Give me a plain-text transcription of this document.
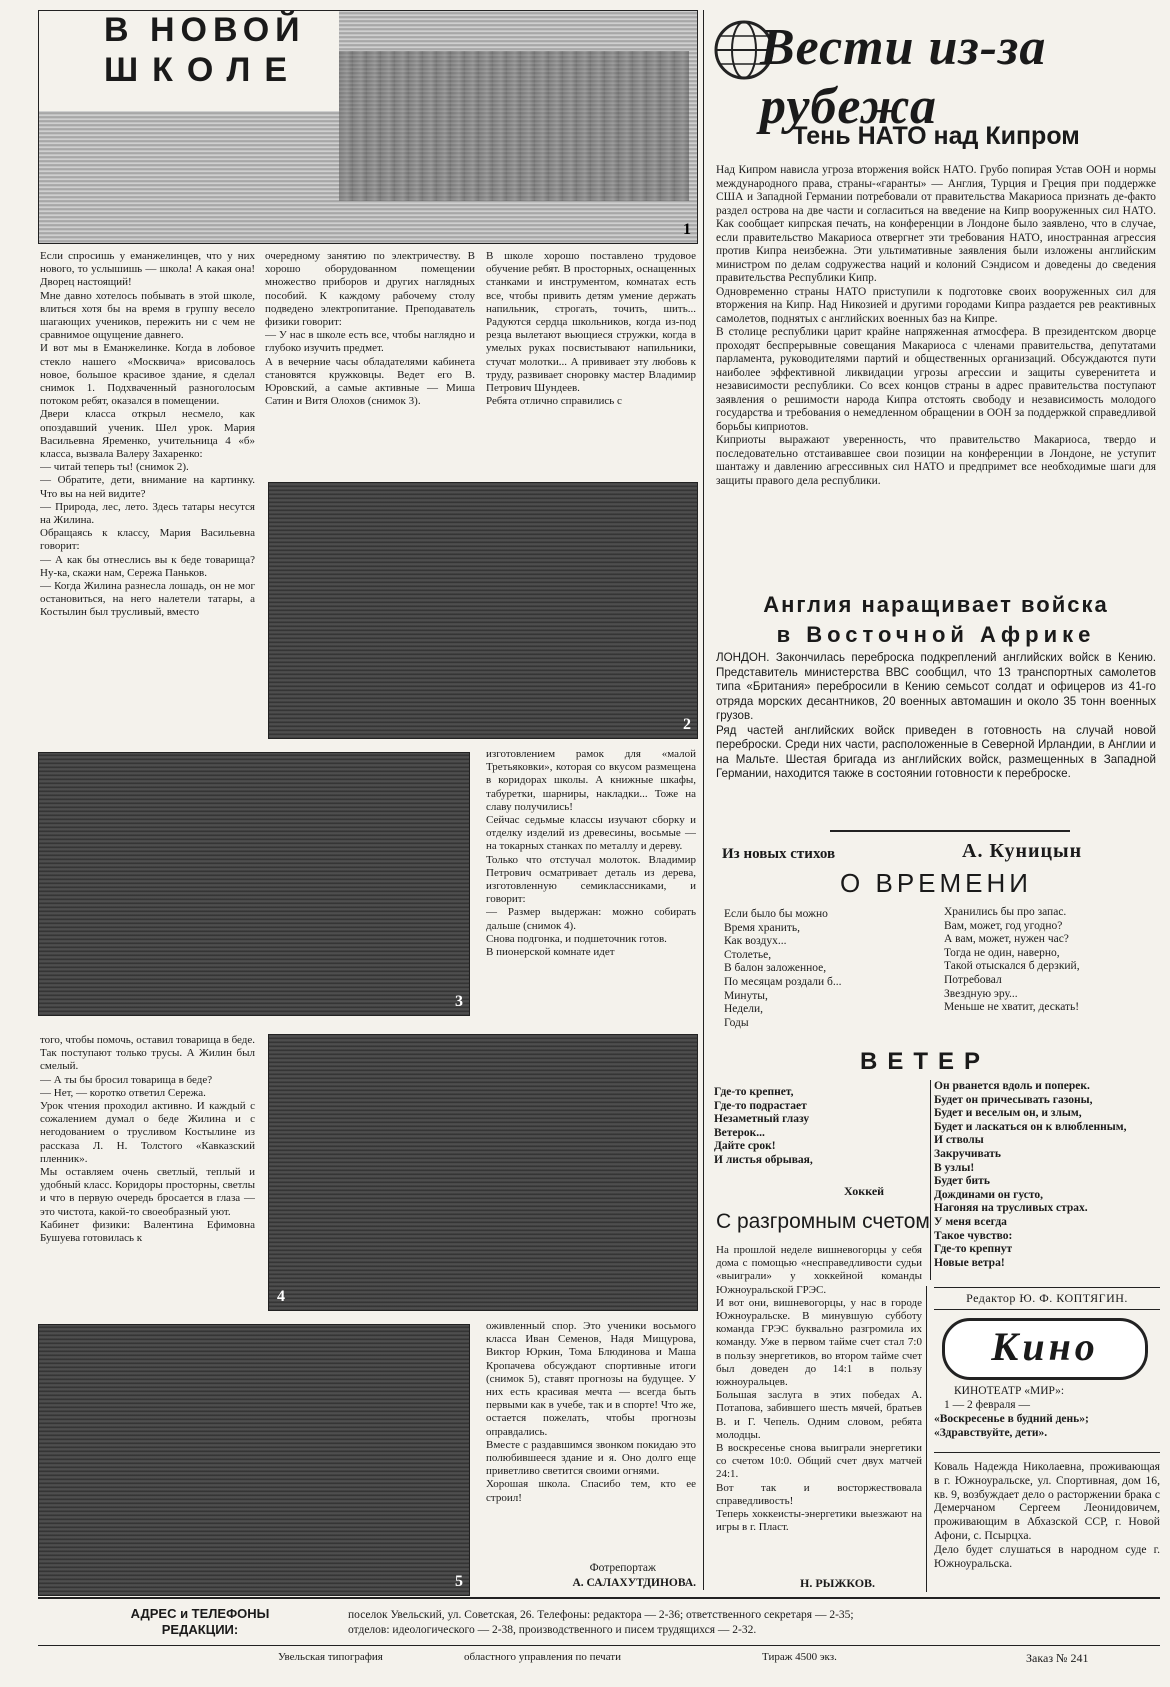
1
В НОВОЙ
ШКОЛЕ
Если спросишь у еманжелинцев, что у них нового, то услышишь — школа! А какая она! Дворец настоящий!
Мне давно хотелось побывать в этой школе, влиться хотя бы на время в группу весело шагающих учеников, пережить ни с чем не сравнимое ощущение давнего.
И вот мы в Еманжелинке. Когда в лобовое стекло нашего «Москвича» врисовалось новое, большое красивое здание, я сделал снимок 1. Подхваченный разноголосым потоком ребят, оказался в помещении.
Двери класса открыл несмело, как опоздавший ученик. Шел урок. Мария Васильевна Яременко, учительница 4 «б» класса, вызвала Валеру Захаренко:
— читай теперь ты! (снимок 2).
— Обратите, дети, внимание на картинку. Что вы на ней видите?
— Природа, лес, лето. Здесь татары несутся на Жилина.
Обращаясь к классу, Мария Васильевна говорит:
— А как бы отнеслись вы к беде товарища? Ну-ка, скажи нам, Сережа Паньков.
— Когда Жилина разнесла лошадь, он не мог остановиться, на него налетели татары, а Костылин был трусливый, вместо
очередному занятию по электричеству. В хорошо оборудованном помещении множество приборов и других наглядных пособий. К каждому рабочему столу подведено электропитание. Преподаватель физики говорит:
— У нас в школе есть все, чтобы наглядно и глубоко изучить предмет.
А в вечерние часы обладателями кабинета становятся кружковцы. Ведет его В. Юровский, а самые активные — Миша Сатин и Витя Олохов (снимок 3).
В школе хорошо поставлено трудовое обучение ребят. В просторных, оснащенных станками и инструментом, комнатах есть все, чтобы привить детям умение держать напильник, строгать, точить, шить... Радуются сердца школьников, когда из-под резца вылетают вьющиеся стружки, когда в умелых руках посвистывают напильники, стучат молотки... А прививает эту любовь к труду, развивает сноровку мастер Владимир Петрович Шундеев.
Ребята отлично справились с
2
3
изготовлением рамок для «малой Третьяковки», которая со вкусом размещена в коридорах школы. А книжные шкафы, табуретки, шарниры, накладки... Тоже на славу получились!
Сейчас седьмые классы изучают сборку и отделку изделий из древесины, восьмые — на токарных станках по металлу и дереву.
Только что отстучал молоток. Владимир Петрович осматривает деталь из дерева, изготовленную семиклассниками, и говорит:
— Размер выдержан: можно собирать дальше (снимок 4).
Снова подгонка, и подшеточник готов.
В пионерской комнате идет
того, чтобы помочь, оставил товарища в беде. Так поступают только трусы. А Жилин был смелый.
— А ты бы бросил товарища в беде?
— Нет, — коротко ответил Сережа.
Урок чтения проходил активно. И каждый с сожалением думал о беде Жилина и с негодованием о трусливом Костылине из рассказа Л. Н. Толстого «Кавказский пленник».
Мы оставляем очень светлый, теплый и удобный класс. Коридоры просторны, светлы и что в первую очередь бросается в глаза — это чистота, какой-то своеобразный уют.
Кабинет физики: Валентина Ефимовна Бушуева готовилась к
4
5
оживленный спор. Это ученики восьмого класса Иван Семенов, Надя Мищурова, Виктор Юркин, Тома Блюдинова и Маша Кропачева обсуждают спортивные итоги (снимок 5), ставят прогнозы на будущее. У них есть красивая мечта — всегда быть первыми как в учебе, так и в спорте! Что же, остается пожелать, чтобы прогнозы оправдались.
Вместе с раздавшимся звонком покидаю это полюбившееся здание и я. Оно долго еще приветливо светится своими огнями.
Хорошая школа. Спасибо тем, кто ее строил!
Фотрепортаж
А. САЛАХУТДИНОВА.
Вести из-за рубежа
Тень НАТО над Кипром
Над Кипром нависла угроза вторжения войск НАТО. Грубо попирая Устав ООН и нормы международного права, страны-«гаранты» — Англия, Турция и Греция при поддержке США и Западной Германии потребовали от правительства Макариоса признать де-факто раздел острова на две части и согласиться на введение на Кипр вооруженных сил НАТО. Как сообщает кипрская печать, на конференции в Лондоне было заявлено, что в случае, если правительство Макариоса отвергнет эти требования НАТО, иностранная агрессия против Кипра неизбежна. Эти ультимативные заявления были изложены английским министром по делам содружества наций и колоний Сэндисом и доведены до сведения правительства Республики Кипр.
Одновременно страны НАТО приступили к подготовке своих вооруженных сил для вторжения на Кипр. Над Никозией и другими городами Кипра раздается рев реактивных самолетов, поднятых с английских военных баз на Кипре.
В столице республики царит крайне напряженная атмосфера. В президентском дворце проходят беспрерывные совещания Макариоса с членами правительства, депутатами парламента, руководителями партий и общественных организаций. Обсуждаются пути наиболее эффективной ликвидации угрозы агрессии и защиты суверенитета и независимости республики. Со всех концов страны в адрес правительства поступают заявления о решимости народа Кипра отстоять свободу и независимость молодого государства и требования о немедленном обращении в ООН за поддержкой справедливой борьбы киприотов.
Киприоты выражают уверенность, что правительство Макариоса, твердо и последовательно отстаивавшее свои позиции на конференции в Лондоне, не уступит шантажу и давлению агрессивных сил НАТО и предпримет все необходимые шаги для защиты правого дела республики.
Англия наращивает войска
в Восточной Африке
ЛОНДОН. Закончилась переброска подкреплений английских войск в Кению. Представитель министерства ВВС сообщил, что 13 транспортных самолетов типа «Британия» перебросили в Кению семьсот солдат и офицеров из 41-го отряда морских десантников, 20 военных автомашин и около 35 тонн военных грузов.
Ряд частей английских войск приведен в готовность на случай новой переброски. Среди них части, расположенные в Северной Ирландии, в Англии и на Мальте. Шестая бригада из английских войск, размещенных в Западной Германии, находится также в состоянии готовности к переброске.
Из новых стихов	А. Куницын
О ВРЕМЕНИ
Если было бы можно
Время хранить,
Как воздух...
Столетье,
В балон заложенное,
По месяцам роздали б...
Минуты,
Недели,
Годы
Хранились бы про запас.
Вам, может, год угодно?
А вам, может, нужен час?
Тогда не один, наверно,
Такой отыскался б дерзкий,
Потребовал
Звездную эру...
Меньше не хватит, дескать!
ВЕТЕР
Где-то крепнет,
Где-то подрастает
Незаметный глазу
Ветерок...
Дайте срок!
И листья обрывая,
Он рванется вдоль и поперек.
Будет он причесывать газоны,
Будет и веселым он, и злым,
Будет и ласкаться он к влюбленным,
И стволы
Закручивать
В узлы!
Будет бить
Дождинами он густо,
Нагоняя на трусливых страх.
У меня всегда
Такое чувство:
Где-то крепнут
Новые ветра!
Хоккей
С разгромным счетом
На прошлой неделе вишневогорцы у себя дома с помощью «несправедливости судьи «выиграли» у хоккейной команды Южноуральской ГРЭС.
И вот они, вишневогорцы, у нас в городе Южноуральске. В минувшую субботу команда ГРЭС буквально разгромила их команду. Уже в первом тайме счет стал 7:0 в пользу энергетиков, во втором тайме счет был доведен до 14:1 в пользу южноуральцев.
Большая заслуга в этих победах А. Потапова, забившего шесть мячей, братьев В. и Г. Чепель. Одним словом, ребята молодцы.
В воскресенье снова выиграли энергетики со счетом 10:0. Общий счет двух матчей 24:1.
Вот так и восторжествовала справедливость!
Теперь хоккеисты-энергетики выезжают на игры в г. Пласт.
Н. РЫЖКОВ.
Редактор Ю. Ф. КОПТЯГИН.
Кино
КИНОТЕАТР «МИР»:
1 — 2 февраля —
«Воскресенье в будний день»; «Здравствуйте, дети».
Коваль Надежда Николаевна, проживающая в г. Южноуральске, ул. Спортивная, дом 16, кв. 9, возбуждает дело о расторжении брака с Демерчаном Сергеем Леонидовичем, проживающим в Абхазской ССР, г. Новой Афони, с. Псырцха.
Дело будет слушаться в народном суде г. Южноуральска.
АДРЕС и ТЕЛЕФОНЫ
РЕДАКЦИИ:
поселок Увельский, ул. Советская, 26. Телефоны: редактора — 2-36; ответственного секретаря — 2-35;
отделов: идеологического — 2-38, производственного и писем трудящихся — 2-32.
Увельская типография	областного управления по печати	Тираж 4500 экз.	Заказ № 241
